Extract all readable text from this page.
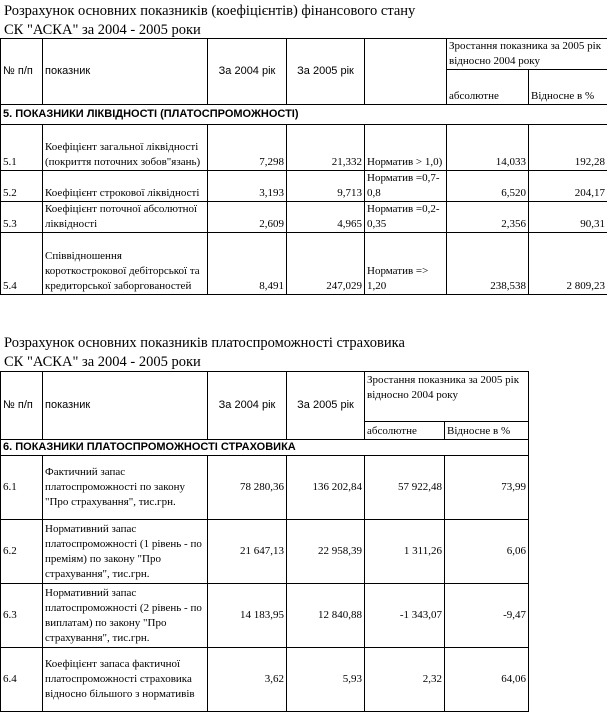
Розрахунок основних показників (коефіцієнтів) фінансового стану
СК "АСКА" за 2004 - 2005 роки
№ п/п	показник	За 2004 рік	За 2005 рік		Зростання показника за 2005 рік відносно 2004 року	
					абсолютне	Відносне в %
5. ПОКАЗНИКИ ЛІКВІДНОСТІ (ПЛАТОСПРОМОЖНОСТІ)						
5.1	Коефіцієнт загальної ліквідності (покриття поточних зобов"язань)	7,298	21,332	Норматив > 1,0)	14,033	192,28
5.2	Коефіцієнт строкової ліквідності	3,193	9,713	Норматив =0,7-0,8	6,520	204,17
5.3	Коефіцієнт поточної абсолютної ліквідності	2,609	4,965	Норматив =0,2-0,35	2,356	90,31
5.4	Співвідношення короткострокової дебіторської та кредиторської заборгованостей	8,491	247,029	Норматив => 1,20	238,538	2 809,23
Розрахунок основних показників платоспроможності страховика
СК "АСКА" за 2004 - 2005 роки
№ п/п	показник	За 2004 рік	За 2005 рік	Зростання показника за 2005 рік відносно 2004 року	
				абсолютне	Відносне в %
6. ПОКАЗНИКИ ПЛАТОСПРОМОЖНОСТІ СТРАХОВИКА					
6.1	Фактичний запас платоспроможності по закону "Про страхування", тис.грн.	78 280,36	136 202,84	57 922,48	73,99
6.2	Нормативний запас платоспроможності (1 рівень - по преміям) по закону "Про страхування", тис.грн.	21 647,13	22 958,39	1 311,26	6,06
6.3	Нормативний запас платоспроможності (2 рівень - по виплатам) по закону "Про страхування", тис.грн.	14 183,95	12 840,88	-1 343,07	-9,47
6.4	Коефіцієнт запаса фактичної платоспроможності страховика відносно більшого з нормативів	3,62	5,93	2,32	64,06
